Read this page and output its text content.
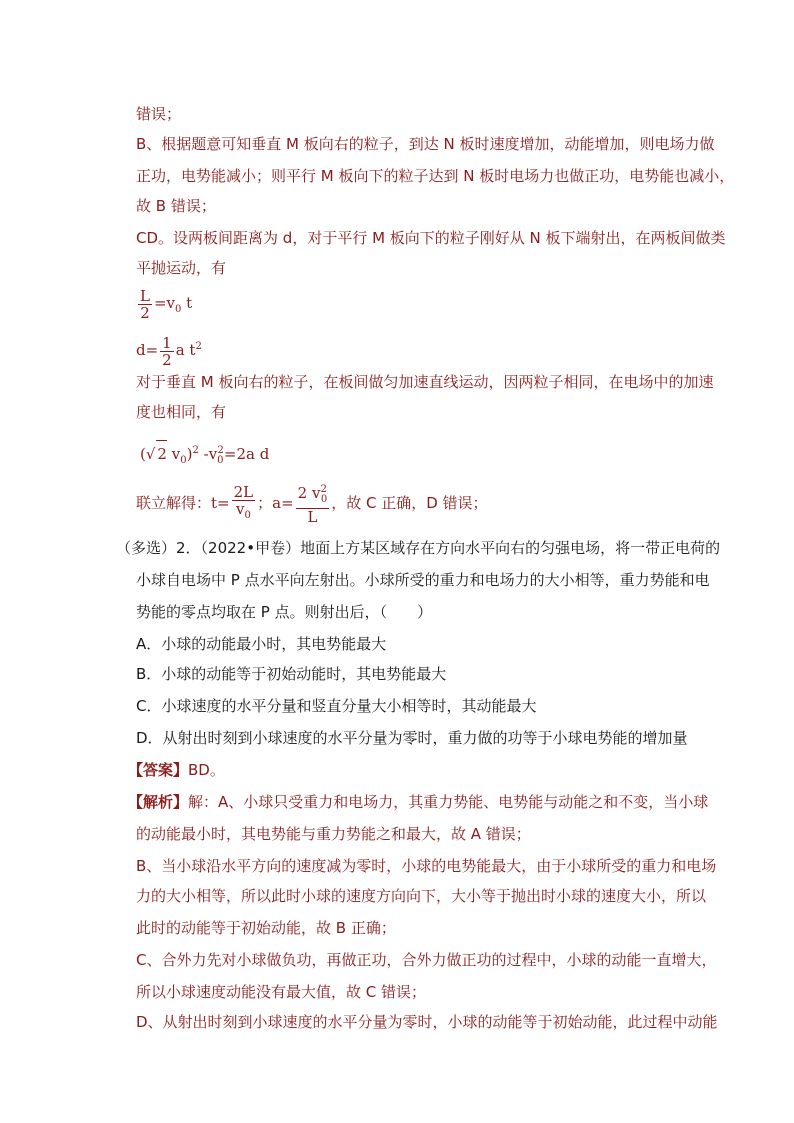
错误；
B、根据题意可知垂直 M 板向右的粒子，到达 N 板时速度增加，动能增加，则电场力做
正功，电势能减小；则平行 M 板向下的粒子达到 N 板时电场力也做正功，电势能也减小，
故 B 错误；
CD。设两板间距离为 d，对于平行 M 板向下的粒子刚好从 N 板下端射出，在两板间做类
平抛运动，有
$\frac{L}{2} =v_0$ t
$d= \frac{1}{2}$ a $t^2$
对于垂直 M 板向右的粒子，在板间做匀加速直线运动，因两粒子相同，在电场中的加速
度也相同，有
(√ 2 $v_0)^2$ $-v_0^2=2a$ d
联立解得：$t= \frac{2L}{v_0}$ ；$a= \frac{2 v^2_0}{L}$ ，故 C 正确，D 错误；
（多选）2．（2022•甲卷）地面上方某区域存在方向水平向右的匀强电场，将一带正电荷的
小球自电场中 P 点水平向左射出。小球所受的重力和电场力的大小相等，重力势能和电
势能的零点均取在 P 点。则射出后，（　　）
A．小球的动能最小时，其电势能最大
B．小球的动能等于初始动能时，其电势能最大
C．小球速度的水平分量和竖直分量大小相等时，其动能最大
D．从射出时刻到小球速度的水平分量为零时，重力做的功等于小球电势能的增加量
【答案】BD。
【解析】解：A、小球只受重力和电场力，其重力势能、电势能与动能之和不变，当小球
的动能最小时，其电势能与重力势能之和最大，故 A 错误；
B、当小球沿水平方向的速度减为零时，小球的电势能最大，由于小球所受的重力和电场
力的大小相等，所以此时小球的速度方向向下，大小等于抛出时小球的速度大小，所以
此时的动能等于初始动能，故 B 正确；
C、合外力先对小球做负功，再做正功，合外力做正功的过程中，小球的动能一直增大，
所以小球速度动能没有最大值，故 C 错误；
D、从射出时刻到小球速度的水平分量为零时，小球的动能等于初始动能，此过程中动能
